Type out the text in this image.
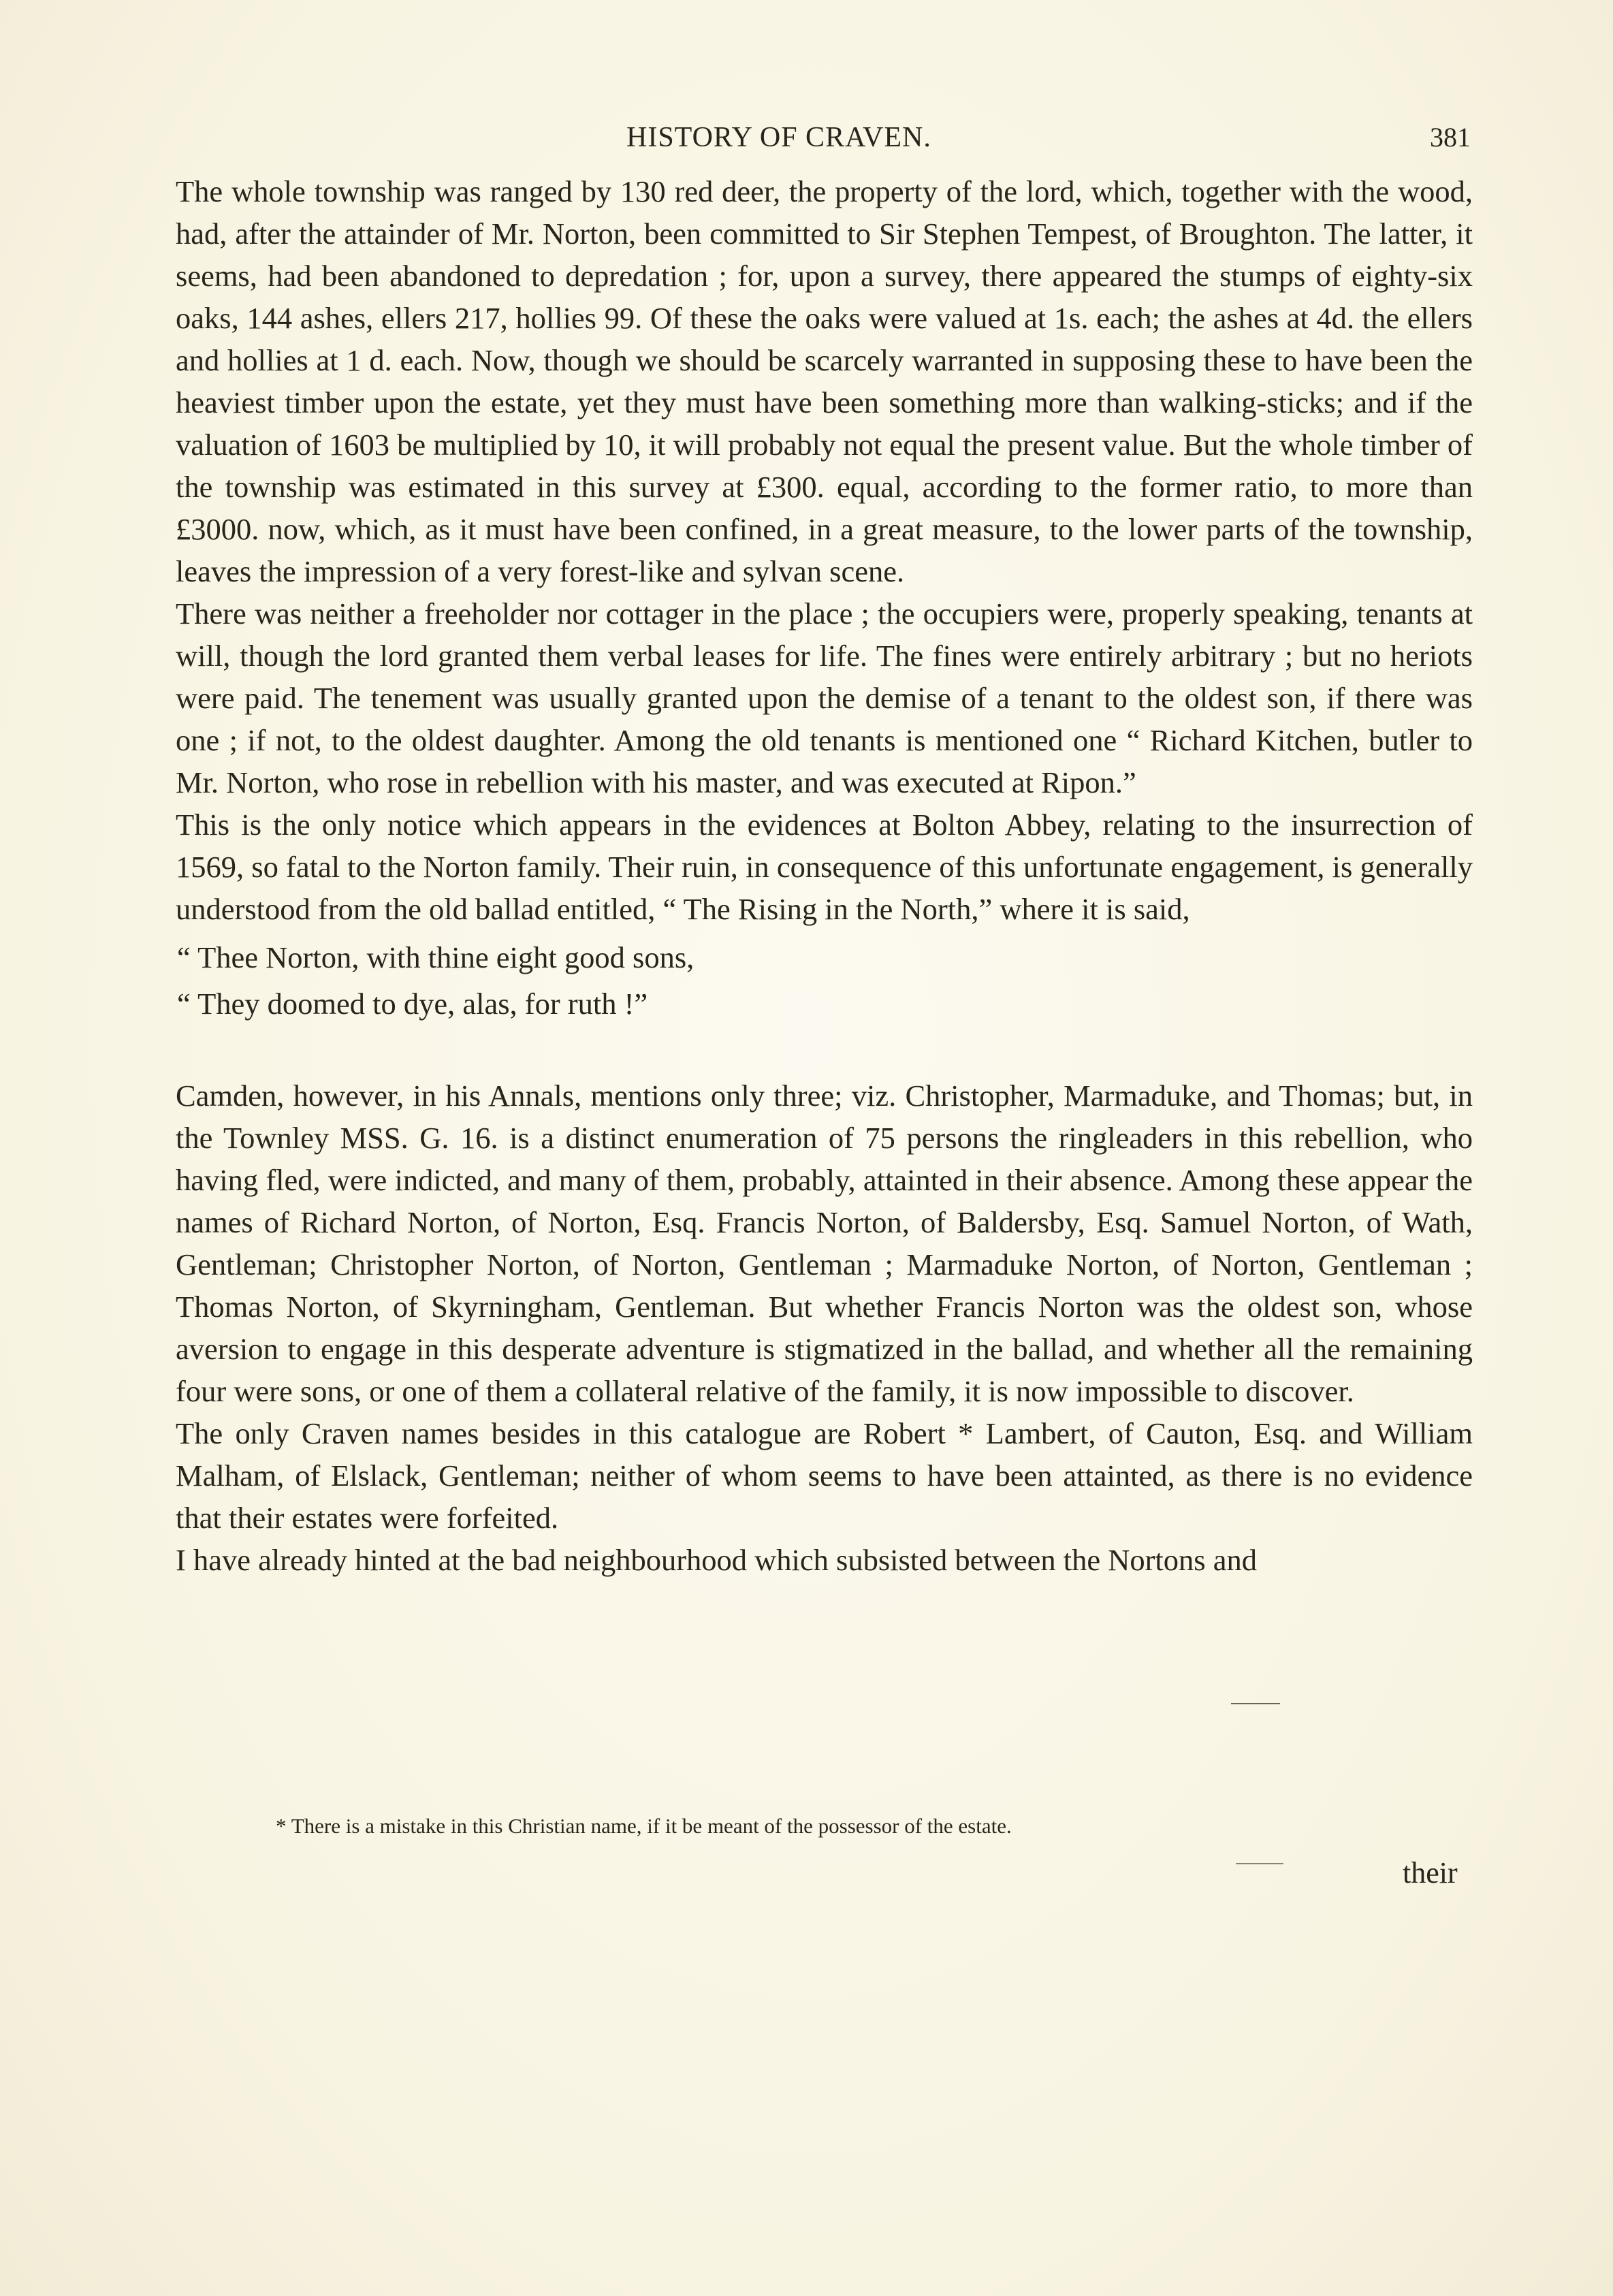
HISTORY OF CRAVEN.	381

The whole township was ranged by 130 red deer, the property of the lord, which, together with the wood, had, after the attainder of Mr. Norton, been committed to Sir Stephen Tempest, of Broughton. The latter, it seems, had been abandoned to depredation ; for, upon a survey, there appeared the stumps of eighty-six oaks, 144 ashes, ellers 217, hollies 99. Of these the oaks were valued at 1s. each; the ashes at 4d. the ellers and hollies at 1 d. each. Now, though we should be scarcely warranted in supposing these to have been the heaviest timber upon the estate, yet they must have been something more than walking-sticks; and if the valuation of 1603 be multiplied by 10, it will probably not equal the present value. But the whole timber of the township was estimated in this survey at £300. equal, according to the former ratio, to more than £3000. now, which, as it must have been confined, in a great measure, to the lower parts of the township, leaves the impression of a very forest-like and sylvan scene.

There was neither a freeholder nor cottager in the place ; the occupiers were, properly speaking, tenants at will, though the lord granted them verbal leases for life. The fines were entirely arbitrary ; but no heriots were paid. The tenement was usually granted upon the demise of a tenant to the oldest son, if there was one ; if not, to the oldest daughter. Among the old tenants is mentioned one “ Richard Kitchen, butler to Mr. Norton, who rose in rebellion with his master, and was executed at Ripon.”

This is the only notice which appears in the evidences at Bolton Abbey, relating to the insurrection of 1569, so fatal to the Norton family. Their ruin, in consequence of this unfortunate engagement, is generally understood from the old ballad entitled, “ The Rising in the North,” where it is said,

“ Thee Norton, with thine eight good sons,

“ They doomed to dye, alas, for ruth !”

Camden, however, in his Annals, mentions only three; viz. Christopher, Marmaduke, and Thomas; but, in the Townley MSS. G. 16. is a distinct enumeration of 75 persons the ringleaders in this rebellion, who having fled, were indicted, and many of them, probably, attainted in their absence. Among these appear the names of Richard Norton, of Norton, Esq. Francis Norton, of Baldersby, Esq. Samuel Norton, of Wath, Gentleman; Christopher Norton, of Norton, Gentleman ; Marmaduke Norton, of Norton, Gentleman ; Thomas Norton, of Skyrningham, Gentleman. But whether Francis Norton was the oldest son, whose aversion to engage in this desperate adventure is stigmatized in the ballad, and whether all the remaining four were sons, or one of them a collateral relative of the family, it is now impossible to discover.

The only Craven names besides in this catalogue are Robert * Lambert, of Cauton, Esq. and William Malham, of Elslack, Gentleman; neither of whom seems to have been attainted, as there is no evidence that their estates were forfeited.

I have already hinted at the bad neighbourhood which subsisted between the Nortons and

* There is a mistake in this Christian name, if it be meant of the possessor of the estate.
their
